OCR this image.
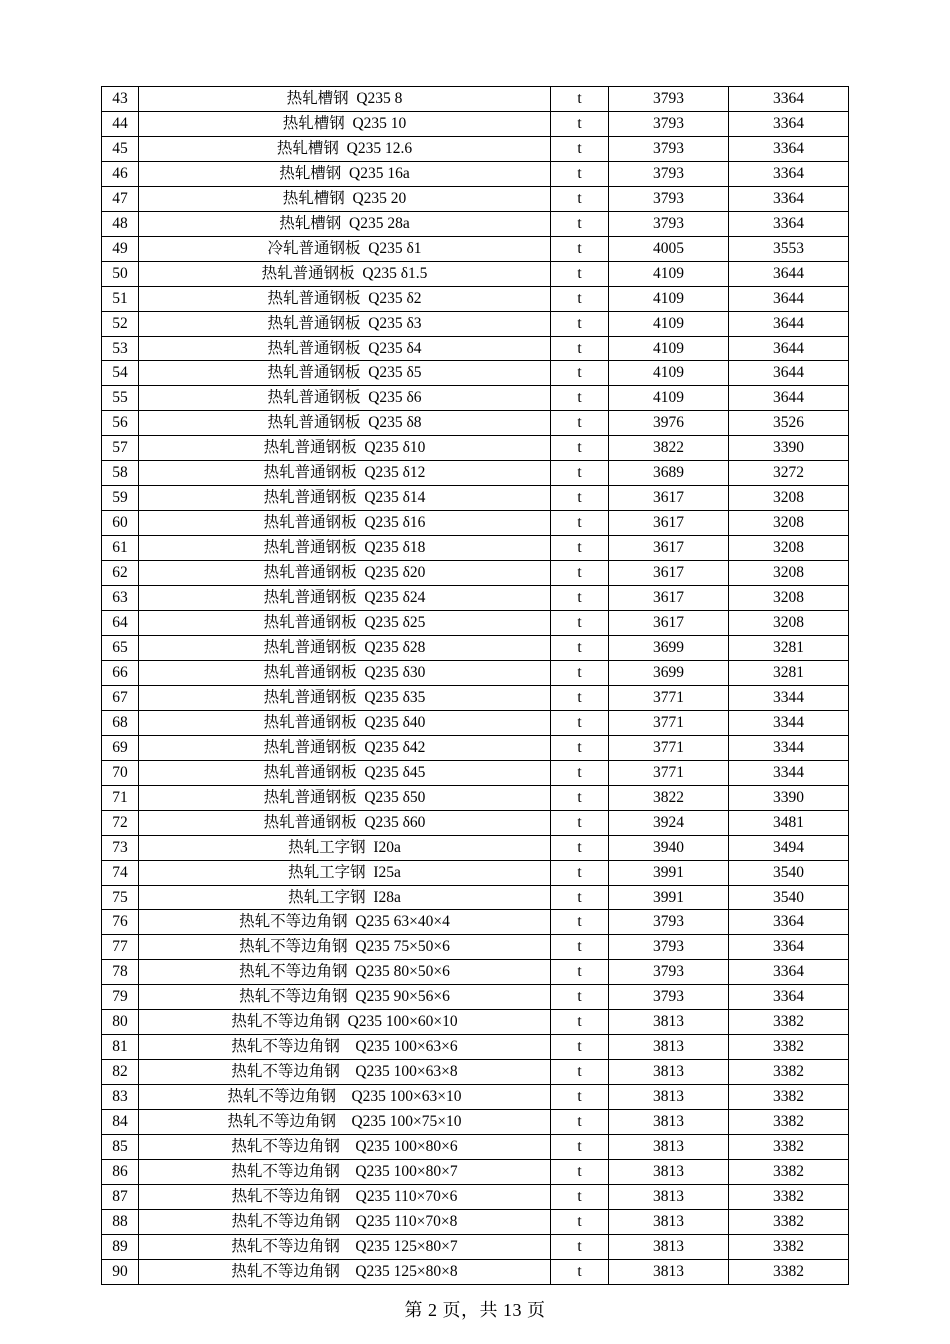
43	热轧槽钢  Q235 8	t	3793	3364
44	热轧槽钢  Q235 10	t	3793	3364
45	热轧槽钢  Q235 12.6	t	3793	3364
46	热轧槽钢  Q235 16a	t	3793	3364
47	热轧槽钢  Q235 20	t	3793	3364
48	热轧槽钢  Q235 28a	t	3793	3364
49	冷轧普通钢板  Q235 δ1	t	4005	3553
50	热轧普通钢板  Q235 δ1.5	t	4109	3644
51	热轧普通钢板  Q235 δ2	t	4109	3644
52	热轧普通钢板  Q235 δ3	t	4109	3644
53	热轧普通钢板  Q235 δ4	t	4109	3644
54	热轧普通钢板  Q235 δ5	t	4109	3644
55	热轧普通钢板  Q235 δ6	t	4109	3644
56	热轧普通钢板  Q235 δ8	t	3976	3526
57	热轧普通钢板  Q235 δ10	t	3822	3390
58	热轧普通钢板  Q235 δ12	t	3689	3272
59	热轧普通钢板  Q235 δ14	t	3617	3208
60	热轧普通钢板  Q235 δ16	t	3617	3208
61	热轧普通钢板  Q235 δ18	t	3617	3208
62	热轧普通钢板  Q235 δ20	t	3617	3208
63	热轧普通钢板  Q235 δ24	t	3617	3208
64	热轧普通钢板  Q235 δ25	t	3617	3208
65	热轧普通钢板  Q235 δ28	t	3699	3281
66	热轧普通钢板  Q235 δ30	t	3699	3281
67	热轧普通钢板  Q235 δ35	t	3771	3344
68	热轧普通钢板  Q235 δ40	t	3771	3344
69	热轧普通钢板  Q235 δ42	t	3771	3344
70	热轧普通钢板  Q235 δ45	t	3771	3344
71	热轧普通钢板  Q235 δ50	t	3822	3390
72	热轧普通钢板  Q235 δ60	t	3924	3481
73	热轧工字钢  I20a	t	3940	3494
74	热轧工字钢  I25a	t	3991	3540
75	热轧工字钢  I28a	t	3991	3540
76	热轧不等边角钢  Q235 63×40×4	t	3793	3364
77	热轧不等边角钢  Q235 75×50×6	t	3793	3364
78	热轧不等边角钢  Q235 80×50×6	t	3793	3364
79	热轧不等边角钢  Q235 90×56×6	t	3793	3364
80	热轧不等边角钢  Q235 100×60×10	t	3813	3382
81	热轧不等边角钢    Q235 100×63×6	t	3813	3382
82	热轧不等边角钢    Q235 100×63×8	t	3813	3382
83	热轧不等边角钢    Q235 100×63×10	t	3813	3382
84	热轧不等边角钢    Q235 100×75×10	t	3813	3382
85	热轧不等边角钢    Q235 100×80×6	t	3813	3382
86	热轧不等边角钢    Q235 100×80×7	t	3813	3382
87	热轧不等边角钢    Q235 110×70×6	t	3813	3382
88	热轧不等边角钢    Q235 110×70×8	t	3813	3382
89	热轧不等边角钢    Q235 125×80×7	t	3813	3382
90	热轧不等边角钢    Q235 125×80×8	t	3813	3382
第 2 页，共 13 页
